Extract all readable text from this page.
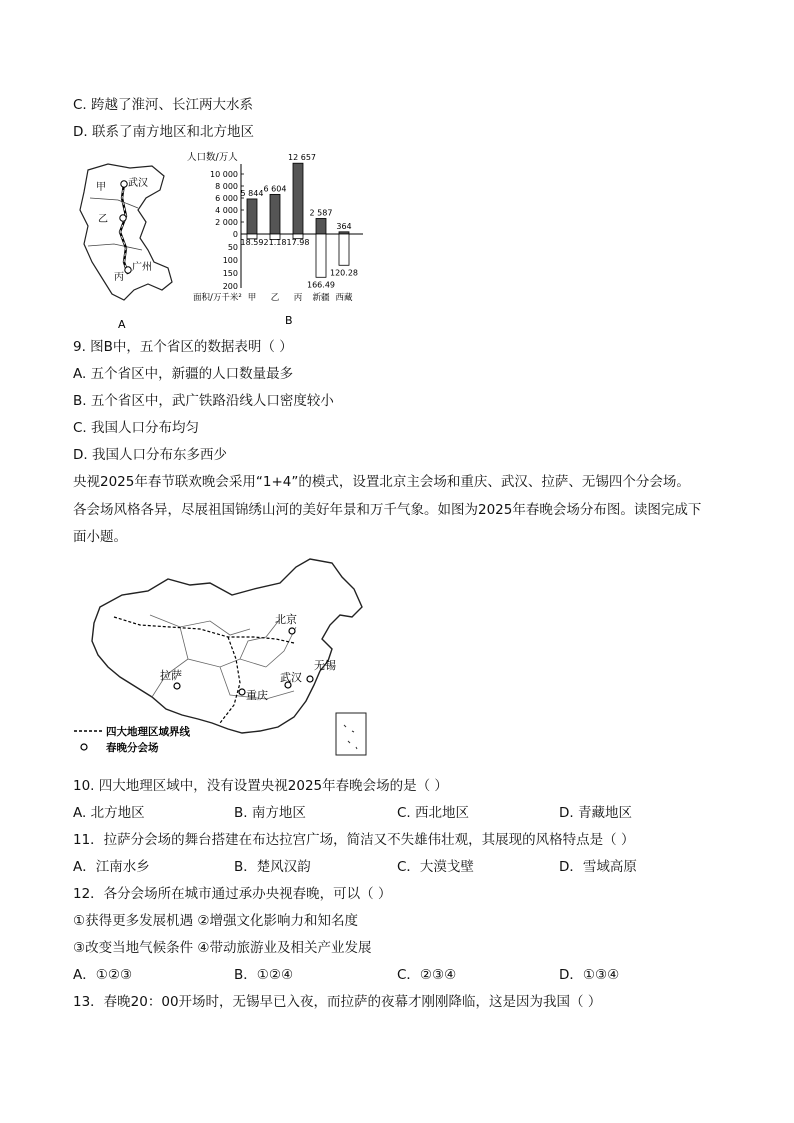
C. 跨越了淮河、长江两大水系
D. 联系了南方地区和北方地区
甲 武汉
乙
丙
广州
A
人口数/万人
10 000
8 000
6 000
4 000
2 000
0
50
100
150
200
5 844
18.59
6 604
21.18
12 657
17.98
2 587
166.49
364
120.28
面积/万千米² 甲 乙 丙 新疆 西藏
B
9. 图B中，五个省区的数据表明（ ）
A. 五个省区中，新疆的人口数量最多
B. 五个省区中，武广铁路沿线人口密度较小
C. 我国人口分布均匀
D. 我国人口分布东多西少
央视2025年春节联欢晚会采用“1+4”的模式，设置北京主会场和重庆、武汉、拉萨、无锡四个分会场。
各会场风格各异，尽展祖国锦绣山河的美好年景和万千气象。如图为2025年春晚会场分布图。读图完成下
面小题。
北京
拉萨	武汉
重庆
无锡
四大地理区域界线
春晚分会场
10. 四大地理区域中，没有设置央视2025年春晚会场的是（ ）
A. 北方地区	B. 南方地区	C. 西北地区	D. 青藏地区
11．拉萨分会场的舞台搭建在布达拉宫广场，简洁又不失雄伟壮观，其展现的风格特点是（ ）
A．江南水乡	B．楚风汉韵	C．大漠戈壁	D．雪域高原
12．各分会场所在城市通过承办央视春晚，可以（ ）
①获得更多发展机遇 ②增强文化影响力和知名度
③改变当地气候条件 ④带动旅游业及相关产业发展
A．①②③	B．①②④	C．②③④	D．①③④
13．春晚20：00开场时，无锡早已入夜，而拉萨的夜幕才刚刚降临，这是因为我国（ ）
